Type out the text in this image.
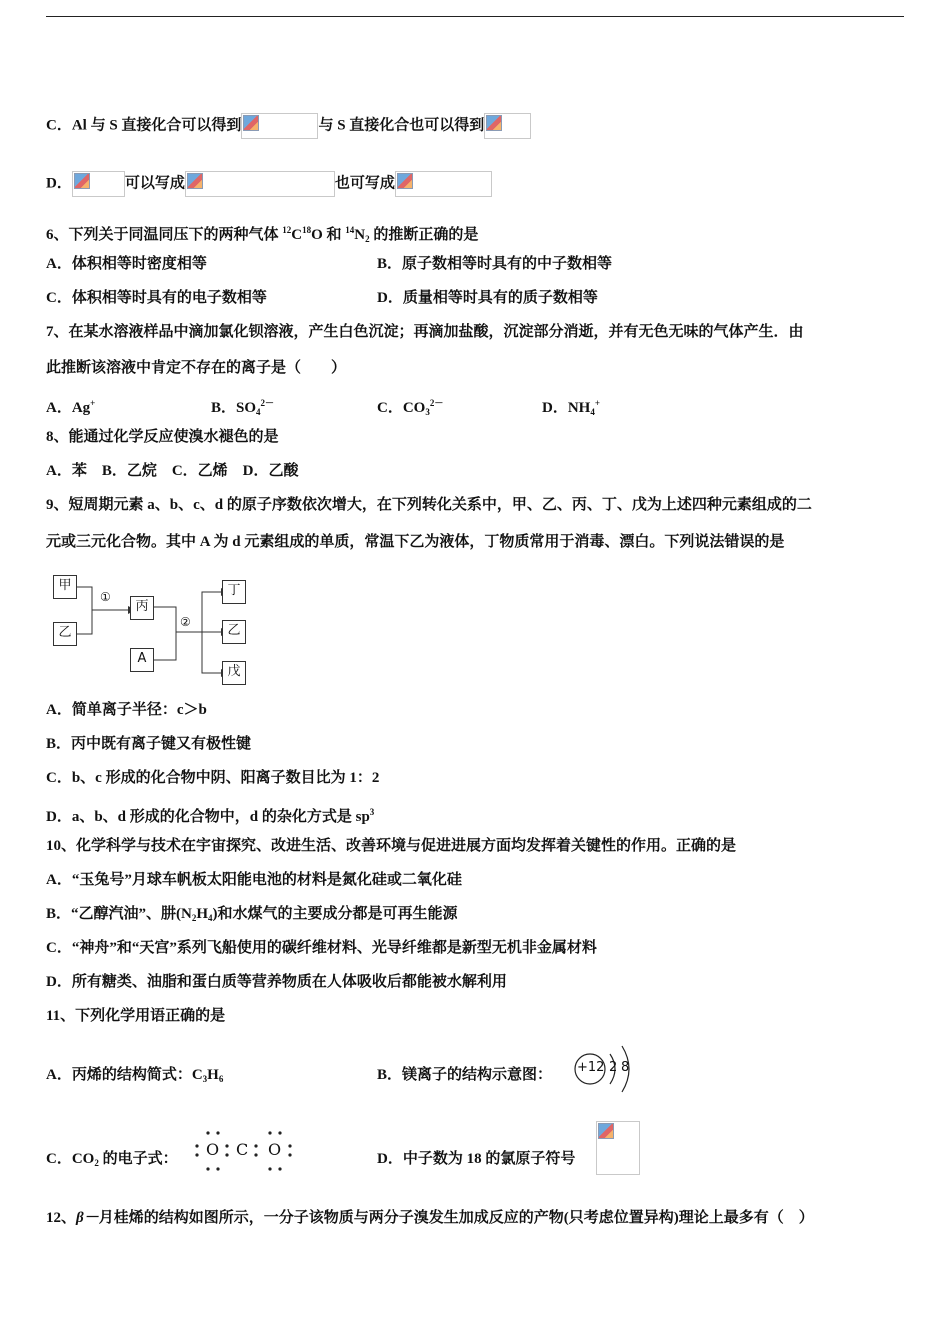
C．Al 与 S 直接化合可以得到	与 S 直接化合也可以得到
D．	可以写成	也可写成
6、下列关于同温同压下的两种气体 $^{12}C^{18}O$ 和 $^{14}N_2$ 的推断正确的是
A．体积相等时密度相等	B．原子数相等时具有的中子数相等
C．体积相等时具有的电子数相等	D．质量相等时具有的质子数相等
7、在某水溶液样品中滴加氯化钡溶液，产生白色沉淀；再滴加盐酸，沉淀部分消逝，并有无色无味的气体产生．由
此推断该溶液中肯定不存在的离子是（　　）
A．Ag+	B．$SO_4^{2-}$	C．$CO_3^{2-}$	D．$NH_4^+$
8、能通过化学反应使溴水褪色的是
A．苯　B．乙烷　C．乙烯　D．乙酸
9、短周期元素 a、b、c、d 的原子序数依次增大，在下列转化关系中，甲、乙、丙、丁、戊为上述四种元素组成的二
元或三元化合物。其中 A 为 d 元素组成的单质，常温下乙为液体，丁物质常用于消毒、漂白。下列说法错误的是
甲
乙
①
丙
A
②
丁
乙
戊
A．简单离子半径：c＞b
B．丙中既有离子键又有极性键
C．b、c 形成的化合物中阴、阳离子数目比为 1：2
D．a、b、d 形成的化合物中，d 的杂化方式是 $sp^3$
10、化学科学与技术在宇宙探究、改进生活、改善环境与促进进展方面均发挥着关键性的作用。正确的是
A．“玉兔号”月球车帆板太阳能电池的材料是氮化硅或二氧化硅
B．“乙醇汽油”、肼$(N_2H_4)$和水煤气的主要成分都是可再生能源
C．“神舟”和“天宫”系列飞船使用的碳纤维材料、光导纤维都是新型无机非金属材料
D．所有糖类、油脂和蛋白质等营养物质在人体吸收后都能被水解利用
11、下列化学用语正确的是
A．丙烯的结构简式：$C_3H_6$	B．镁离子的结构示意图： +12 2 8
C．$CO_2$ 的电子式： O C O	D．中子数为 18 的氯原子符号
12、β－月桂烯的结构如图所示，一分子该物质与两分子溴发生加成反应的产物(只考虑位置异构)理论上最多有（　）
